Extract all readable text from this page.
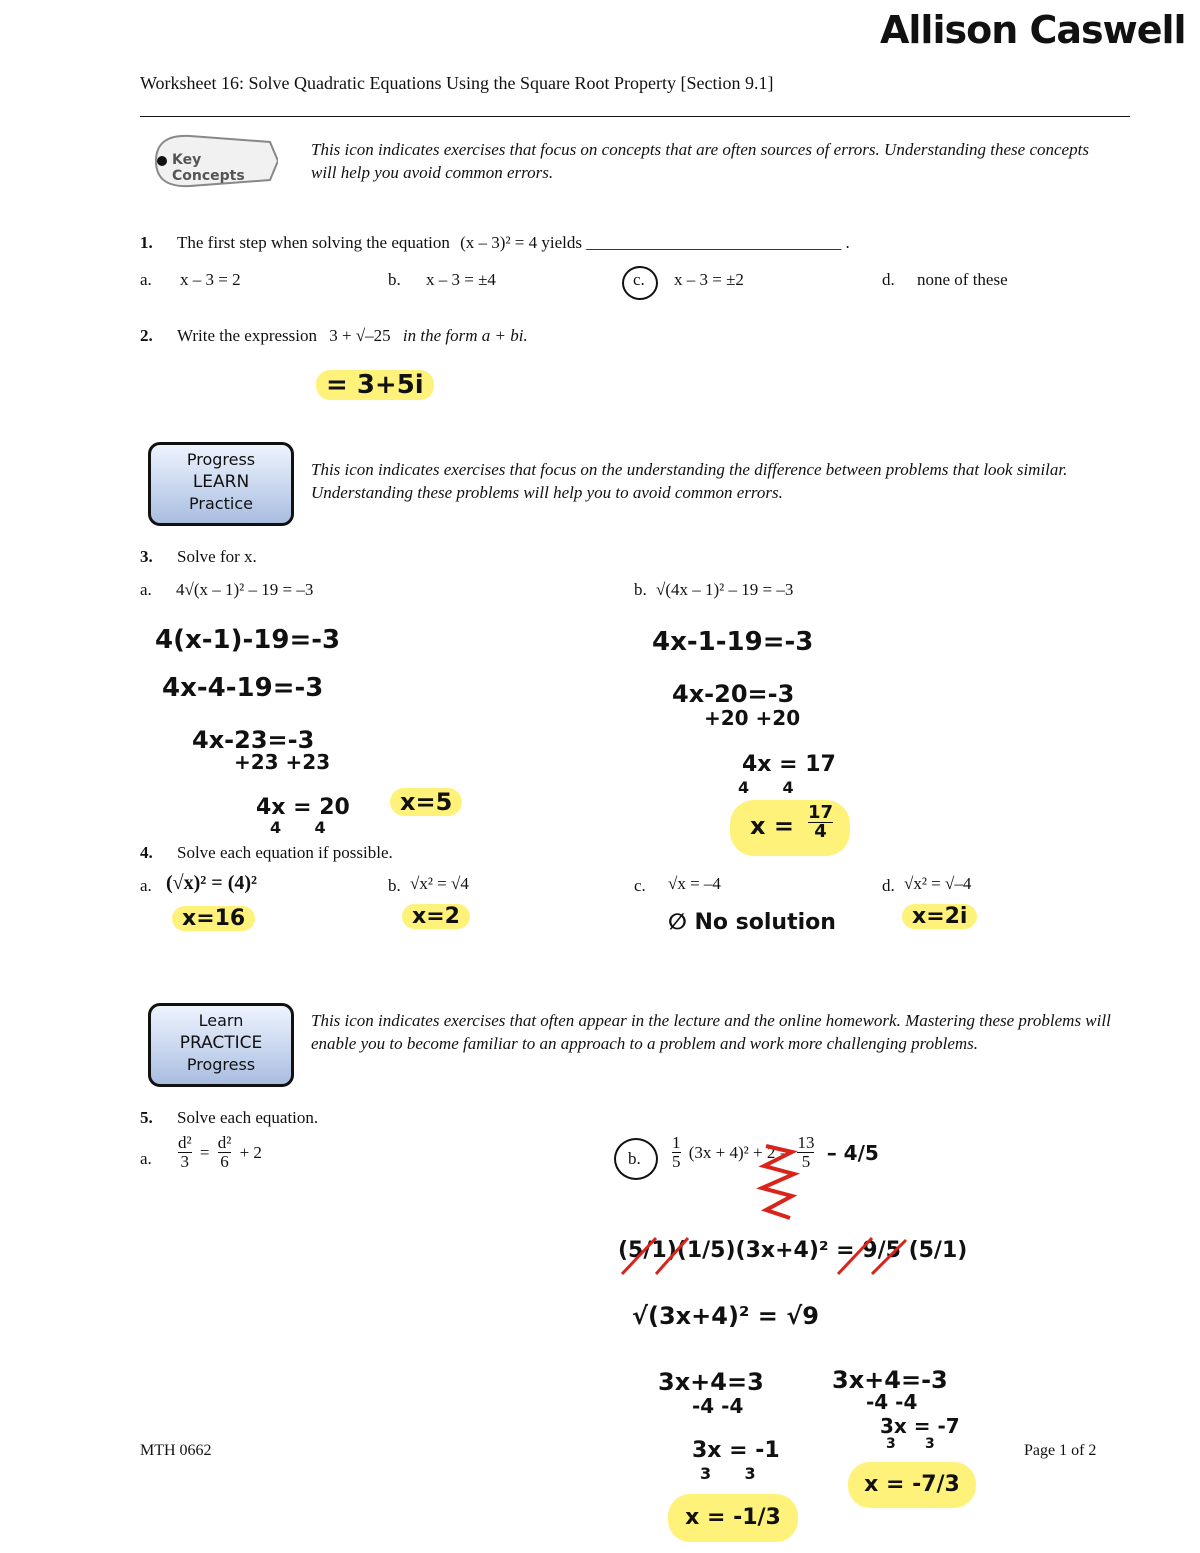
Allison Caswell
Worksheet 16: Solve Quadratic Equations Using the Square Root Property [Section 9.1]
Key Concepts
This icon indicates exercises that focus on concepts that are often sources of errors. Understanding these concepts will help you avoid common errors.
1. The first step when solving the equation (x – 3)² = 4 yields ______________________________ .
a. x – 3 = 2	b. x – 3 = ±4	c. x – 3 = ±2	d. none of these
2. Write the expression 3 + √–25 in the form a + bi.
= 3+5i
Progress
LEARN
Practice
This icon indicates exercises that focus on the understanding the difference between problems that look similar. Understanding these problems will help you to avoid common errors.
3. Solve for x.
a. 4√(x – 1)² – 19 = –3	b. √(4x – 1)² – 19 = –3
4(x-1)-19=-3
4x-4-19=-3
4x-23=-3
+23 +23
4x = 20
4      4
x=5
4x-1-19=-3
4x-20=-3
+20 +20
4x = 17
4      4
$x = \frac{17}{4}$
4. Solve each equation if possible.
a. (√x)² = (4)²
x=16
b. √x² = √4
x=2
c. √x = –4
∅ No solution
d. √x² = √–4
x=2i
Learn
PRACTICE
Progress
This icon indicates exercises that often appear in the lecture and the online homework. Mastering these problems will enable you to become familiar to an approach to a problem and work more challenging problems.
5. Solve each equation.
a. $\frac{\text{d²}}{3} = \frac{\text{d²}}{6} + 2$	b. $\frac{1}{5} (3x + 4)^2 + 2 = \frac{13}{5} - 4/5$
(5/1)(1/5)(3x+4)² = 9/5 (5/1)
√(3x+4)² = √9
3x+4=3
-4 -4
3x = -1
3      3
3x+4=-3
-4 -4
3x = -7
3      3
x = -1/3
x = -7/3
MTH 0662	Page 1 of 2
